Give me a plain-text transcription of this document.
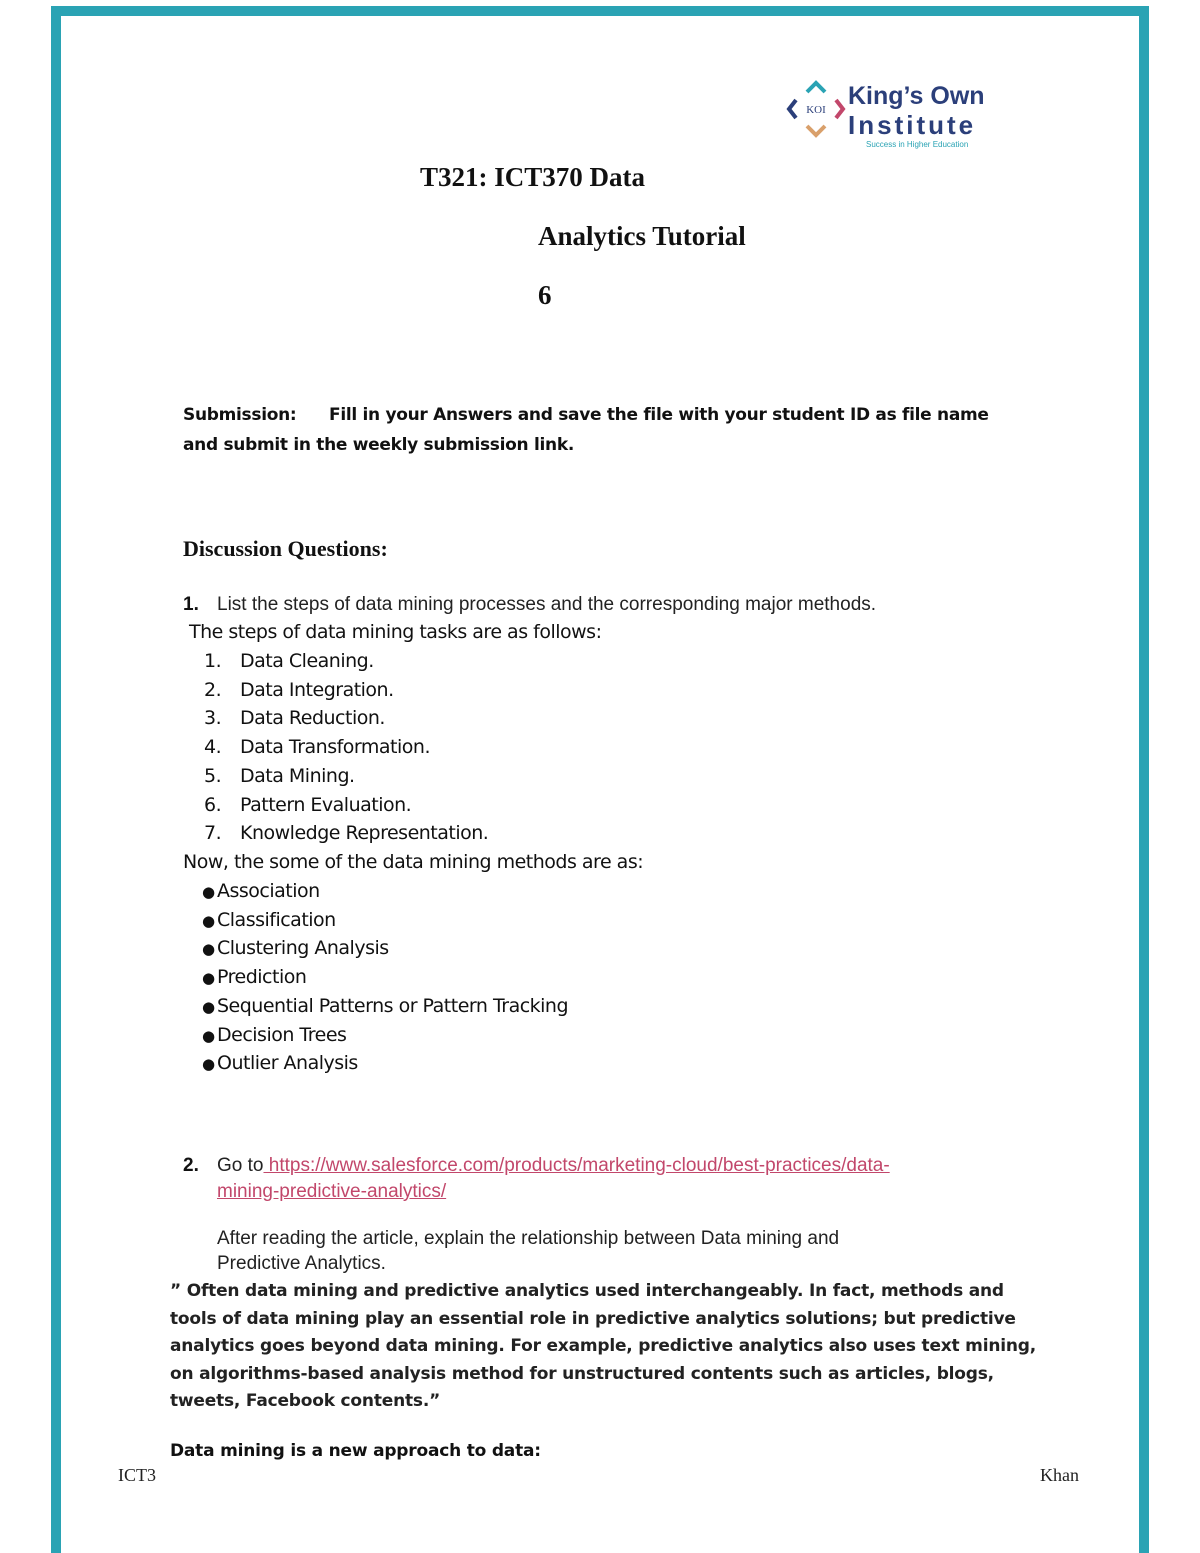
KOI King’s Own
Institute
Success in Higher Education
T321: ICT370 Data
Analytics Tutorial
6
Submission: Fill in your Answers and save the file with your student ID as file name and submit in the weekly submission link.
Discussion Questions:
1. List the steps of data mining processes and the corresponding major methods.
The steps of data mining tasks are as follows:
1. Data Cleaning.
2. Data Integration.
3. Data Reduction.
4. Data Transformation.
5. Data Mining.
6. Pattern Evaluation.
7. Knowledge Representation.
Now, the some of the data mining methods are as:
● Association
● Classification
● Clustering Analysis
● Prediction
● Sequential Patterns or Pattern Tracking
● Decision Trees
● Outlier Analysis
2. Go to https://www.salesforce.com/products/marketing-cloud/best-practices/data-
mining-predictive-analytics/
After reading the article, explain the relationship between Data mining and
Predictive Analytics.
” Often data mining and predictive analytics used interchangeably. In fact, methods and tools of data mining play an essential role in predictive analytics solutions; but predictive analytics goes beyond data mining. For example, predictive analytics also uses text mining, on algorithms-based analysis method for unstructured contents such as articles, blogs, tweets, Facebook contents.”
Data mining is a new approach to data:
ICT3	Khan
